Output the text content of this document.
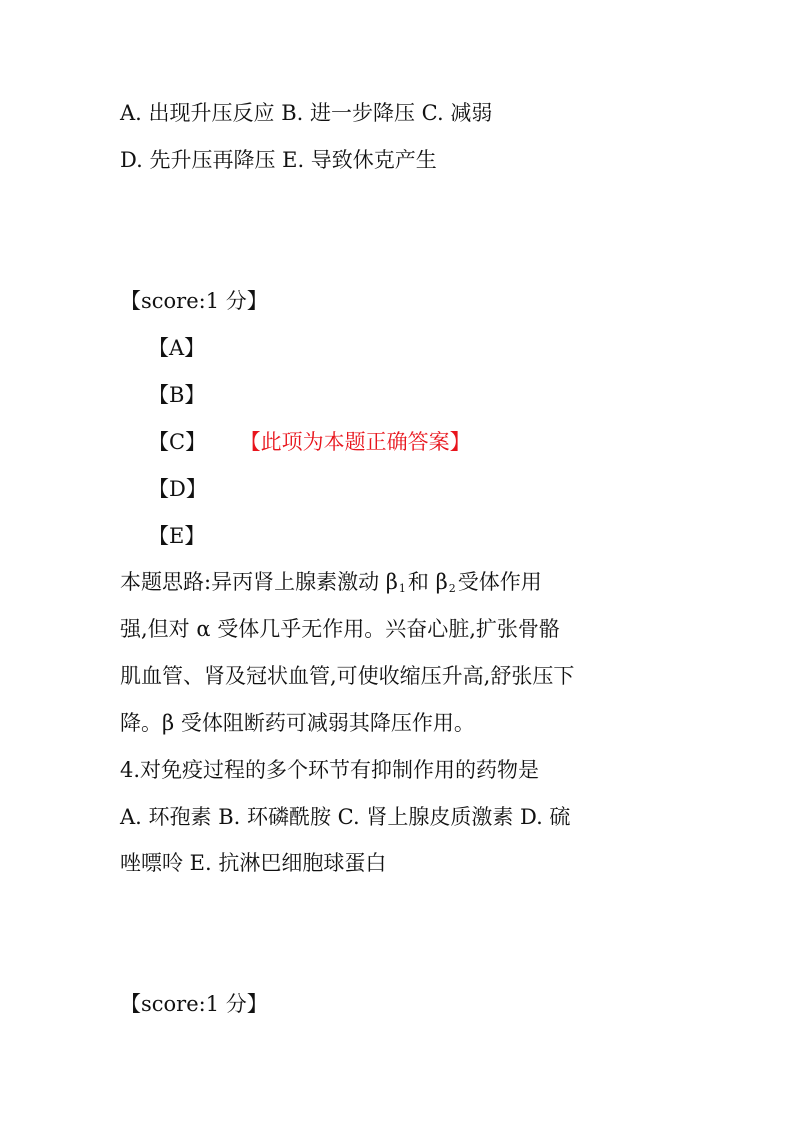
A. 出现升压反应 B. 进一步降压 C. 减弱
D. 先升压再降压 E. 导致休克产生
【score:1 分】
【A】
【B】
【C】 【此项为本题正确答案】
【D】
【E】
本题思路:异丙肾上腺素激动 $\beta_1$和 $\beta_2$受体作用
强,但对 α 受体几乎无作用。兴奋心脏,扩张骨骼
肌血管、肾及冠状血管,可使收缩压升高,舒张压下
降。β 受体阻断药可减弱其降压作用。
4.对免疫过程的多个环节有抑制作用的药物是
A. 环孢素 B. 环磷酰胺 C. 肾上腺皮质激素 D. 硫
唑嘌呤 E. 抗淋巴细胞球蛋白
【score:1 分】
